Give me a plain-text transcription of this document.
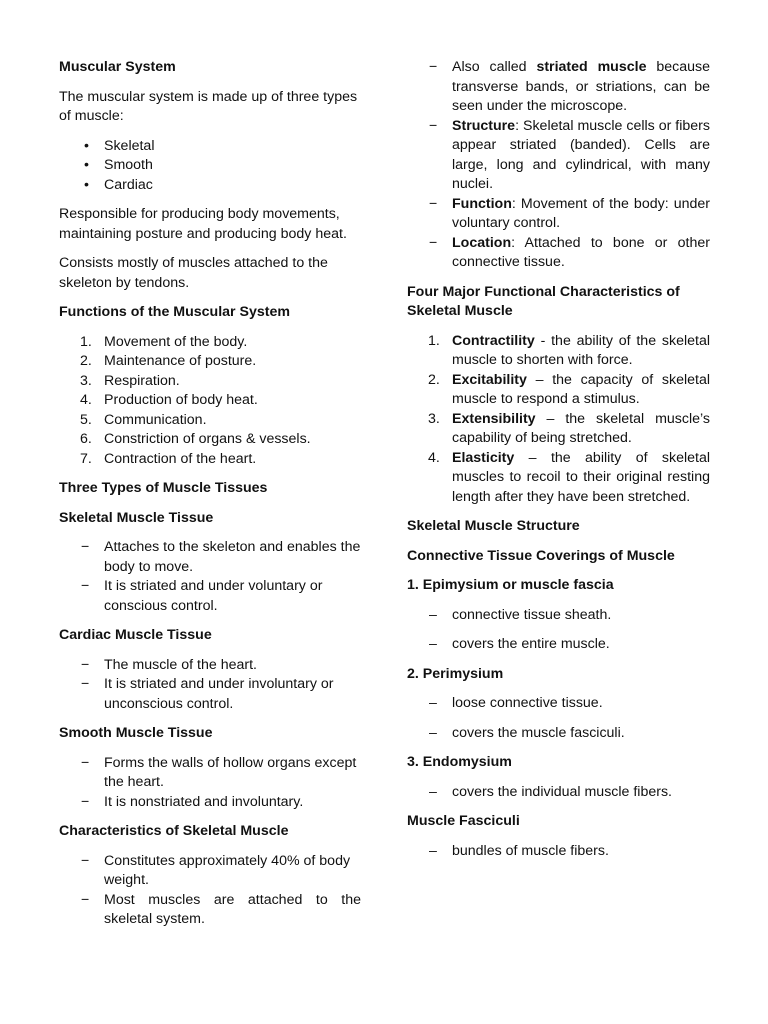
Muscular System

The muscular system is made up of three types of muscle:

•	Skeletal
•	Smooth
•	Cardiac

Responsible for producing body movements, maintaining posture and producing body heat.

Consists mostly of muscles attached to the skeleton by tendons.

Functions of the Muscular System
1. Movement of the body.
2. Maintenance of posture.
3. Respiration.
4. Production of body heat.
5. Communication.
6. Constriction of organs & vessels.
7. Contraction of the heart.
Three Types of Muscle Tissues
Skeletal Muscle Tissue
−	Attaches to the skeleton and enables the body to move.
−	It is striated and under voluntary or conscious control.
Cardiac Muscle Tissue
−	The muscle of the heart.
−	It is striated and under involuntary or unconscious control.
Smooth Muscle Tissue
−	Forms the walls of hollow organs except the heart.
−	It is nonstriated and involuntary.
Characteristics of Skeletal Muscle
−	Constitutes approximately 40% of body weight.
−	Most muscles are attached to the skeletal system.
−	Also called striated muscle because transverse bands, or striations, can be seen under the microscope.
−	Structure: Skeletal muscle cells or fibers appear striated (banded). Cells are large, long and cylindrical, with many nuclei.
−	Function: Movement of the body: under voluntary control.
−	Location: Attached to bone or other connective tissue.
Four Major Functional Characteristics of Skeletal Muscle
1. Contractility - the ability of the skeletal muscle to shorten with force.
2. Excitability – the capacity of skeletal muscle to respond a stimulus.
3. Extensibility – the skeletal muscle’s capability of being stretched.
4. Elasticity – the ability of skeletal muscles to recoil to their original resting length after they have been stretched.
Skeletal Muscle Structure
Connective Tissue Coverings of Muscle
1. Epimysium or muscle fascia
–	connective tissue sheath.
–	covers the entire muscle.
2. Perimysium
–	loose connective tissue.
–	covers the muscle fasciculi.
3. Endomysium
–	covers the individual muscle fibers.
Muscle Fasciculi
–	bundles of muscle fibers.
